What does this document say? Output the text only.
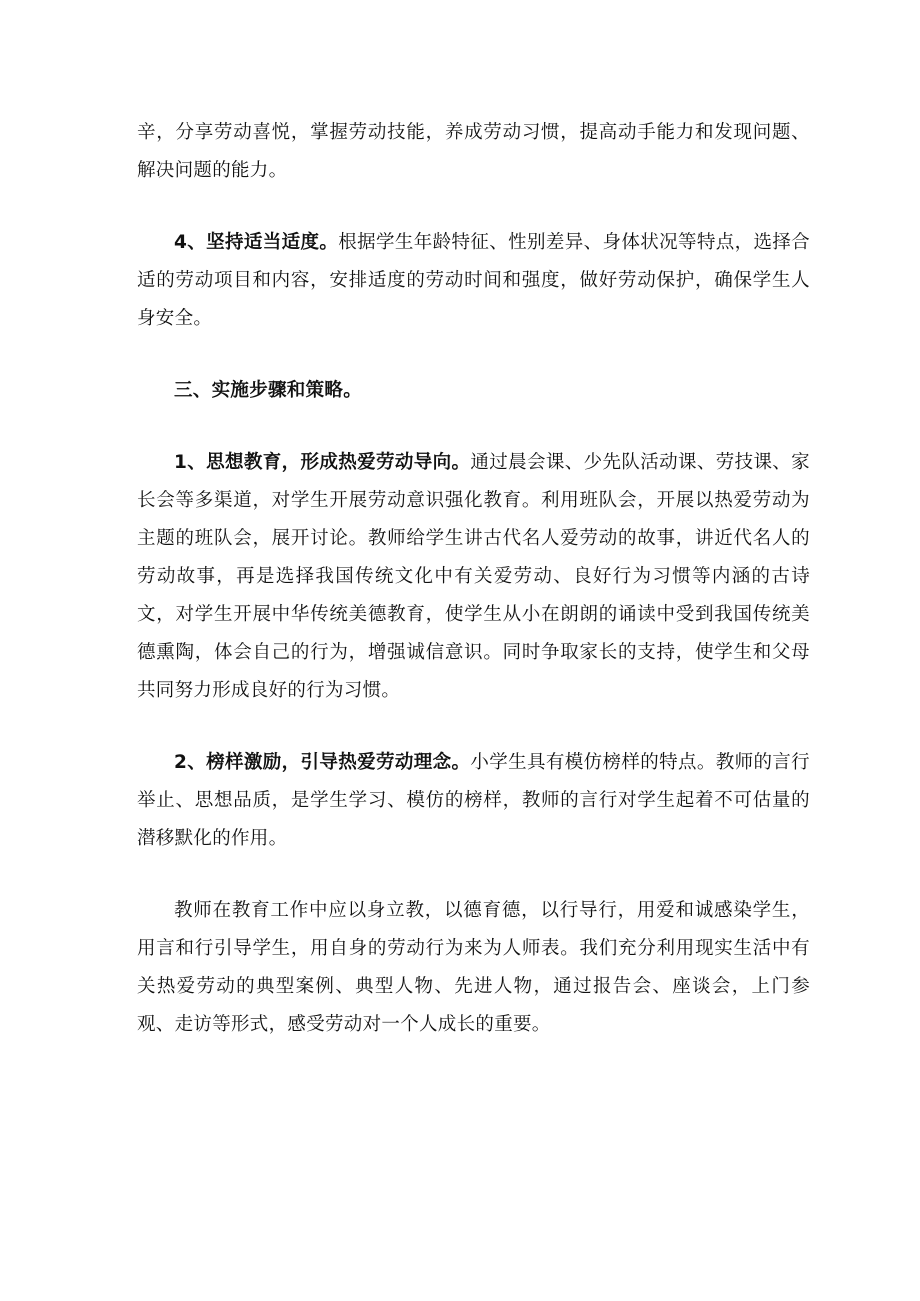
辛，分享劳动喜悦，掌握劳动技能，养成劳动习惯，提高动手能力和发现问题、解决问题的能力。

4、坚持适当适度。根据学生年龄特征、性别差异、身体状况等特点，选择合适的劳动项目和内容，安排适度的劳动时间和强度，做好劳动保护，确保学生人身安全。

三、实施步骤和策略。

1、思想教育，形成热爱劳动导向。通过晨会课、少先队活动课、劳技课、家长会等多渠道，对学生开展劳动意识强化教育。利用班队会，开展以热爱劳动为主题的班队会，展开讨论。教师给学生讲古代名人爱劳动的故事，讲近代名人的劳动故事，再是选择我国传统文化中有关爱劳动、良好行为习惯等内涵的古诗文，对学生开展中华传统美德教育，使学生从小在朗朗的诵读中受到我国传统美德熏陶，体会自己的行为，增强诚信意识。同时争取家长的支持，使学生和父母共同努力形成良好的行为习惯。

2、榜样激励，引导热爱劳动理念。小学生具有模仿榜样的特点。教师的言行举止、思想品质，是学生学习、模仿的榜样，教师的言行对学生起着不可估量的潜移默化的作用。

教师在教育工作中应以身立教，以德育德，以行导行，用爱和诚感染学生，用言和行引导学生，用自身的劳动行为来为人师表。我们充分利用现实生活中有关热爱劳动的典型案例、典型人物、先进人物，通过报告会、座谈会，上门参观、走访等形式，感受劳动对一个人成长的重要。
